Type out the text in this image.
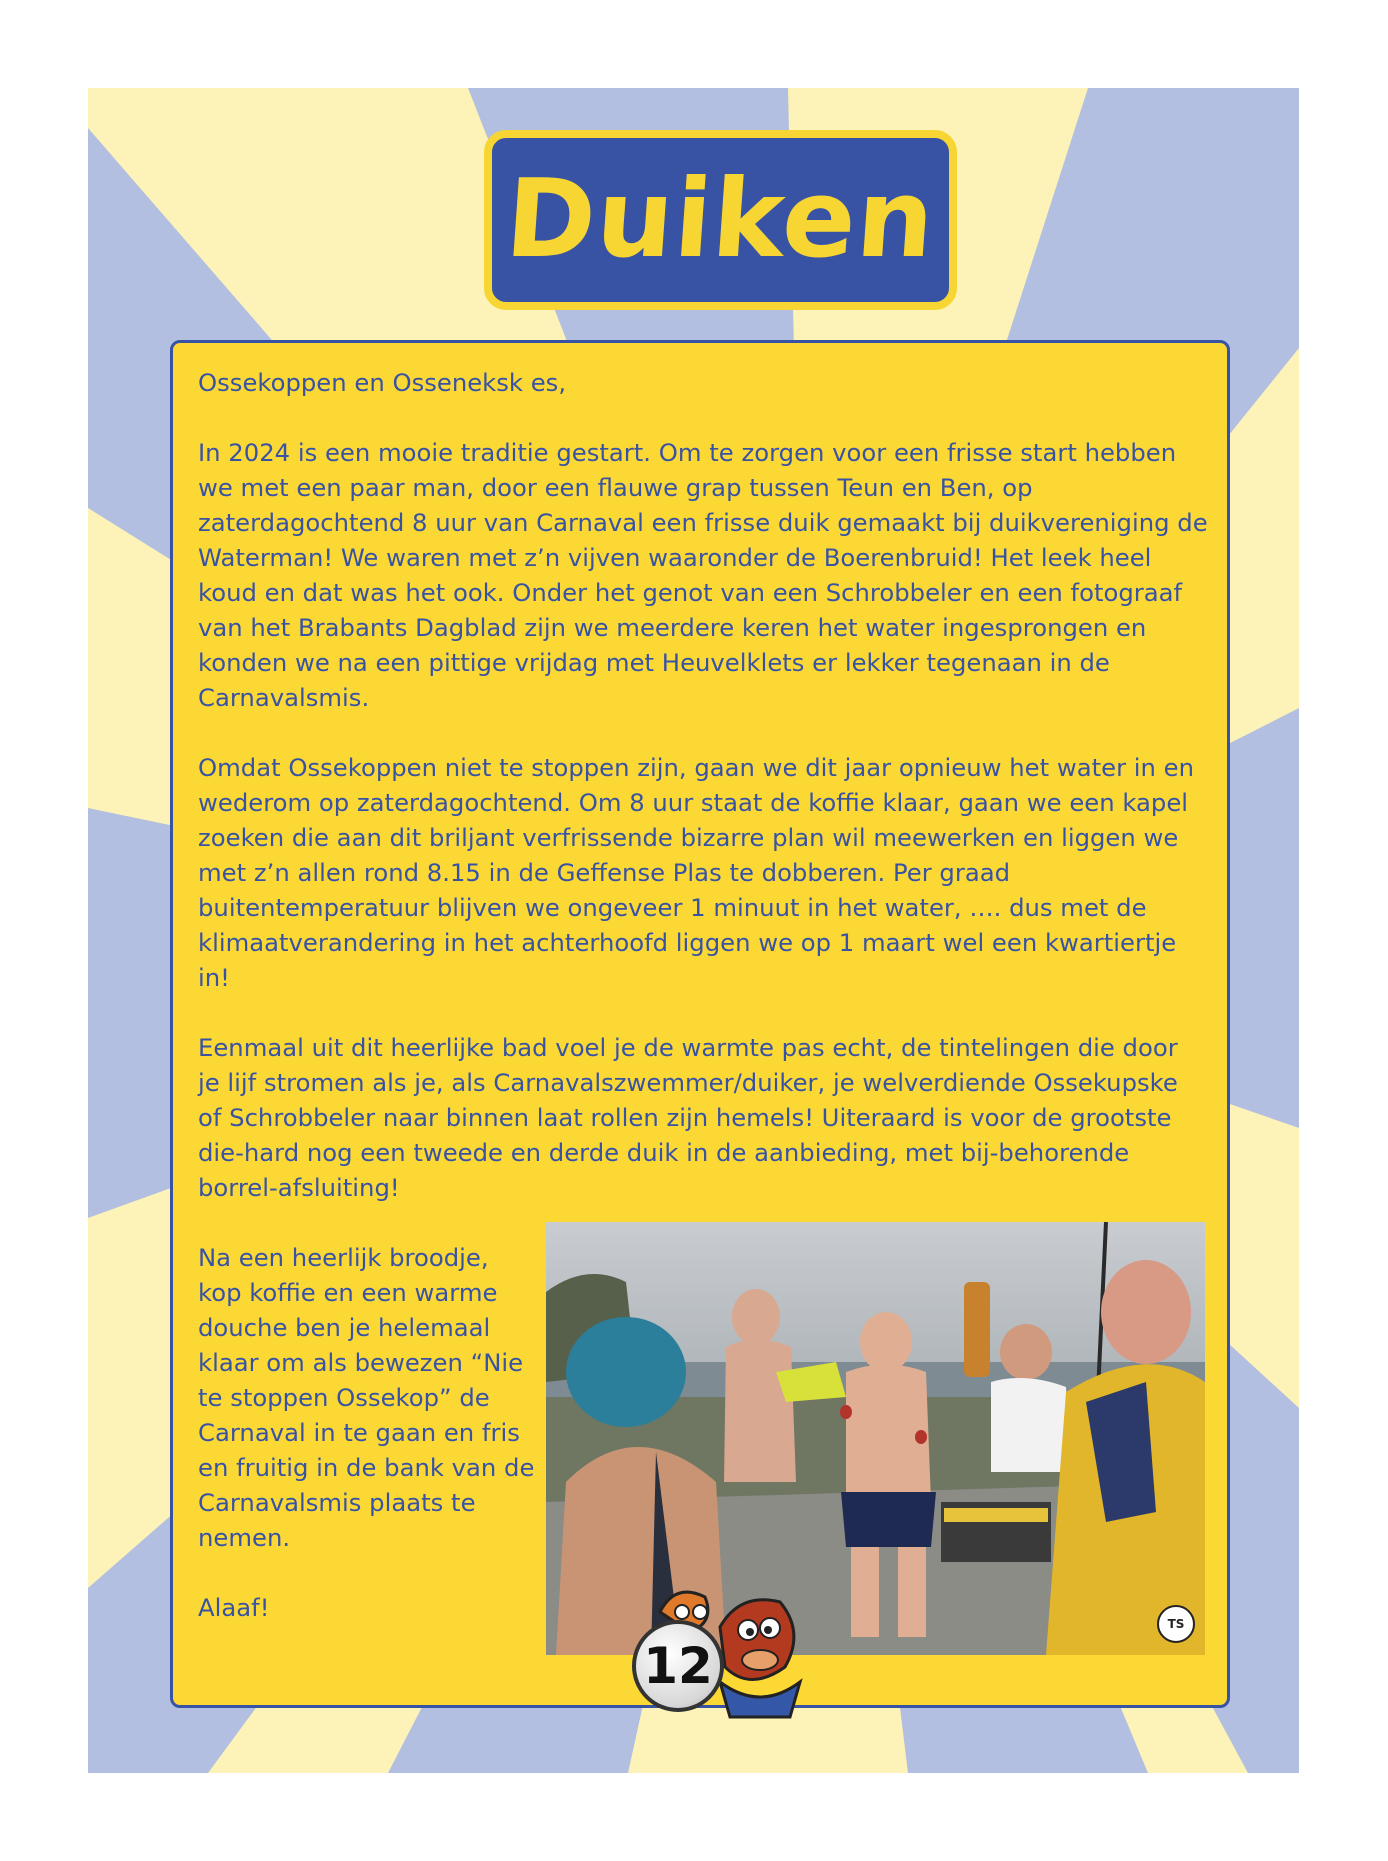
Duiken

Ossekoppen en Osseneksk es,

In 2024 is een mooie traditie gestart. Om te zorgen voor een frisse start hebben we met een paar man, door een flauwe grap tussen Teun en Ben, op zaterdagochtend 8 uur van Carnaval een frisse duik gemaakt bij duikvereniging de Waterman! We waren met z’n vijven waaronder de Boerenbruid! Het leek heel koud en dat was het ook. Onder het genot van een Schrobbeler en een fotograaf van het Brabants Dagblad zijn we meerdere keren het water ingesprongen en konden we na een pittige vrijdag met Heuvelklets er lekker tegenaan in de Carnavalsmis.

Omdat Ossekoppen niet te stoppen zijn, gaan we dit jaar opnieuw het water in en wederom op zaterdagochtend. Om 8 uur staat de koffie klaar, gaan we een kapel zoeken die aan dit briljant verfrissende bizarre plan wil meewerken en liggen we met z’n allen rond 8.15 in de Geffense Plas te dobberen. Per graad buitentemperatuur blijven we ongeveer 1 minuut in het water, …. dus met de klimaatverandering in het achterhoofd liggen we op 1 maart wel een kwartiertje in!

Eenmaal uit dit heerlijke bad voel je de warmte pas echt, de tintelingen die door je lijf stromen als je, als Carnavalszwemmer/duiker, je welverdiende Ossekupske of Schrobbeler naar binnen laat rollen zijn hemels! Uiteraard is voor de grootste die-hard nog een tweede en derde duik in de aanbieding, met bij-behorende borrel-afsluiting!

Na een heerlijk broodje, kop koffie en een warme douche ben je helemaal klaar om als bewezen “Nie te stoppen Ossekop” de Carnaval in te gaan en fris en fruitig in de bank van de Carnavalsmis plaats te nemen.

Alaaf!

TS
12
